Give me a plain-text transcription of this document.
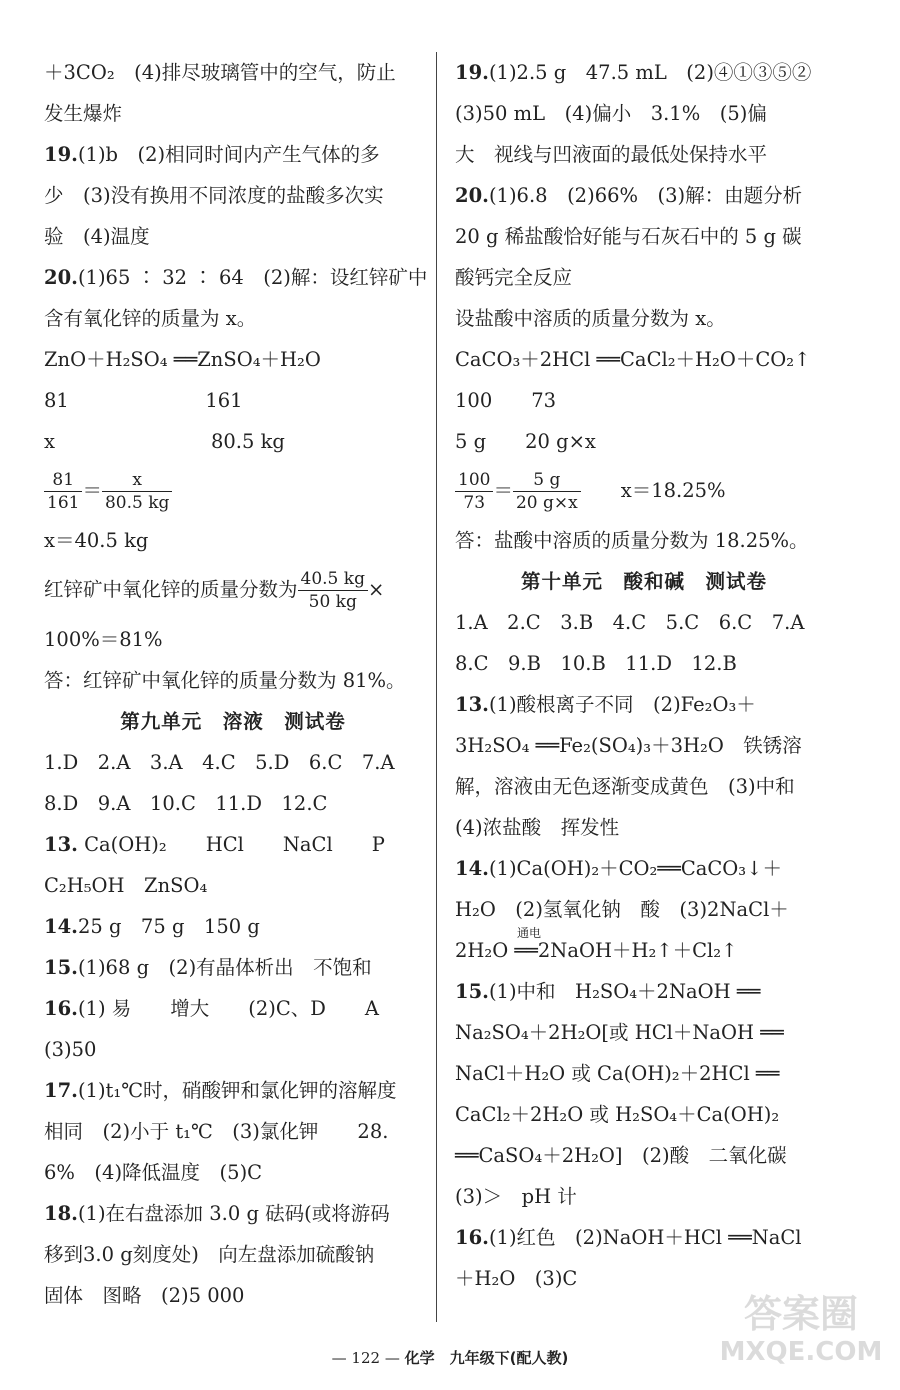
＋3CO₂　(4)排尽玻璃管中的空气，防止
发生爆炸
19.(1)b　(2)相同时间内产生气体的多
少　(3)没有换用不同浓度的盐酸多次实
验　(4)温度
20.(1)65 ∶ 32 ∶ 64　(2)解：设红锌矿中
含有氧化锌的质量为 x。
ZnO＋H₂SO₄ ══ZnSO₄＋H₂O
81　　　　　　　161
x　　　　　　　　80.5 kg
$\frac{81}{161} = \frac{x}{80.5 kg}$
x＝40.5 kg
红锌矿中氧化锌的质量分数为 $\frac{40.5 kg}{50 kg}$ ×
100%＝81%
答：红锌矿中氧化锌的质量分数为 81%。
第九单元　溶液　测试卷
1.D　2.A　3.A　4.C　5.D　6.C　7.A
8.D　9.A　10.C　11.D　12.C
13. Ca(OH)₂　　HCl　　NaCl　　P
C₂H₅OH　ZnSO₄
14.25 g　75 g　150 g
15.(1)68 g　(2)有晶体析出　不饱和
16.(1) 易　　增大　　(2)C、D　　A
(3)50
17.(1)t₁℃时，硝酸钾和氯化钾的溶解度
相同　(2)小于 t₁℃　(3)氯化钾　　28.
6%　(4)降低温度　(5)C
18.(1)在右盘添加 3.0 g 砝码(或将游码
移到3.0 g刻度处)　向左盘添加硫酸钠
固体　图略　(2)5 000
19.(1)2.5 g　47.5 mL　(2)④①③⑤②
(3)50 mL　(4)偏小　3.1%　(5)偏
大　视线与凹液面的最低处保持水平
20.(1)6.8　(2)66%　(3)解：由题分析
20 g 稀盐酸恰好能与石灰石中的 5 g 碳
酸钙完全反应
设盐酸中溶质的质量分数为 x。
CaCO₃＋2HCl ══CaCl₂＋H₂O＋CO₂↑
100　　73
5 g　　20 g×x
$\frac{100}{73} = \frac{5 g}{20 g\times x} x=18.25\%$
答：盐酸中溶质的质量分数为 18.25%。
第十单元　酸和碱　测试卷
1.A　2.C　3.B　4.C　5.C　6.C　7.A
8.C　9.B　10.B　11.D　12.B
13.(1)酸根离子不同　(2)Fe₂O₃＋
3H₂SO₄ ══Fe₂(SO₄)₃＋3H₂O　铁锈溶
解，溶液由无色逐渐变成黄色　(3)中和
(4)浓盐酸　挥发性
14.(1)Ca(OH)₂＋CO₂══CaCO₃↓＋
H₂O　(2)氢氧化钠　酸　(3)2NaCl＋
2H₂O ══2NaOH＋H₂↑＋Cl₂↑
通电
15.(1)中和　H₂SO₄＋2NaOH ══
Na₂SO₄＋2H₂O[或 HCl＋NaOH ══
NaCl＋H₂O 或 Ca(OH)₂＋2HCl ══
CaCl₂＋2H₂O 或 H₂SO₄＋Ca(OH)₂
══CaSO₄＋2H₂O]　(2)酸　二氧化碳
(3)＞　pH 计
16.(1)红色　(2)NaOH＋HCl ══NaCl
＋H₂O　(3)C
— 122 — 化学　九年级下(配人教)
答案圈
MXQE.COM
